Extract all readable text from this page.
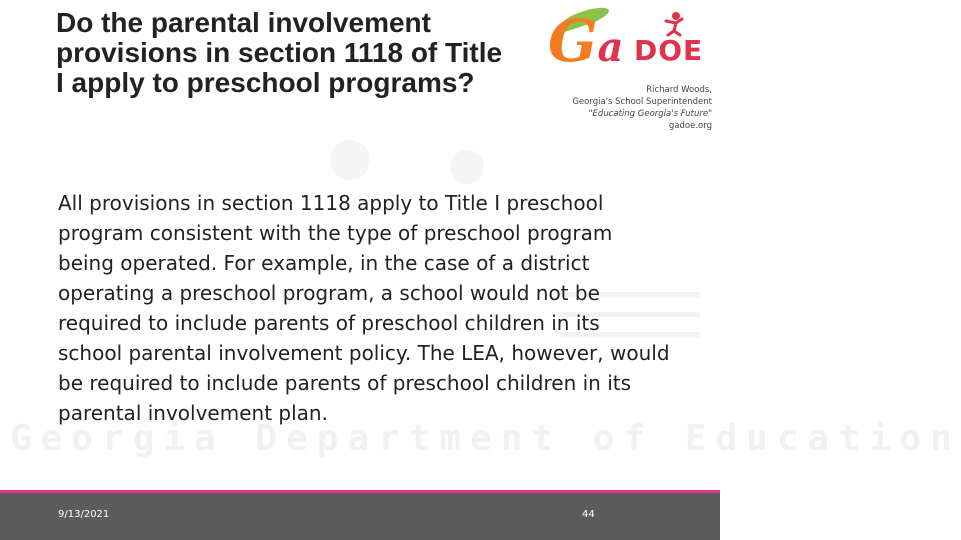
Georgia Department of Education
Do the parental involvement provisions in section 1118 of Title I apply to preschool programs?
Ga DOE
Richard Woods,
Georgia's School Superintendent
"Educating Georgia's Future"
gadoe.org

All provisions in section 1118 apply to Title I preschool program consistent with the type of preschool program being operated. For example, in the case of a district operating a preschool program, a school would not be required to include parents of preschool children in its school parental involvement policy. The LEA, however, would be required to include parents of preschool children in its parental involvement plan.

9/13/2021	44
